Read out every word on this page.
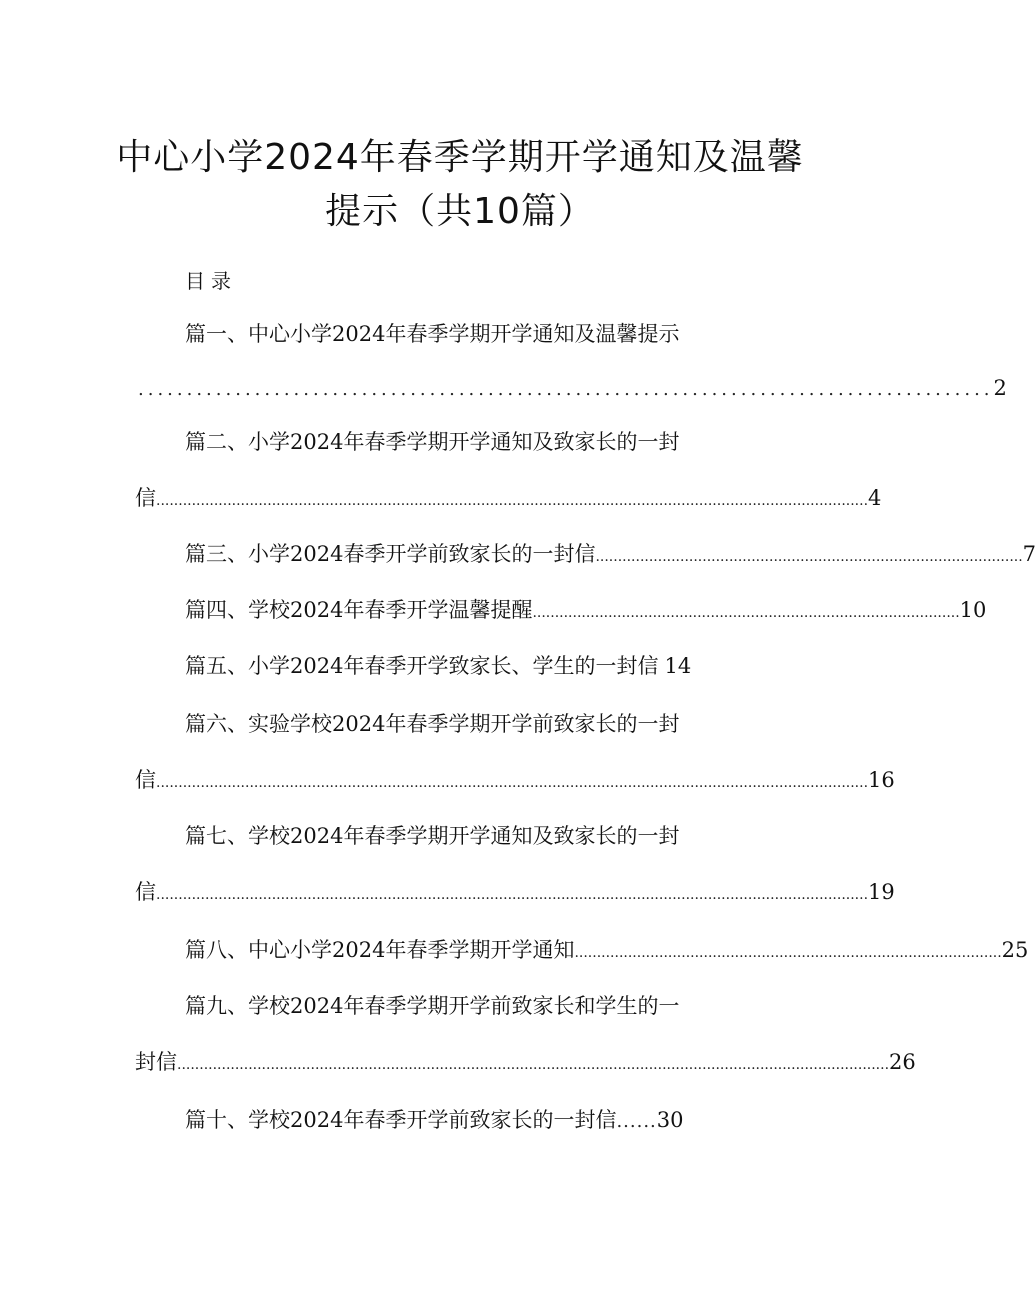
中心小学2024年春季学期开学通知及温馨
提示（共10篇）
目录
篇一、中心小学2024年春季学期开学通知及温馨提示
........................................................................................ 2
篇二、小学2024年春季学期开学通知及致家长的一封
信 ................................................................................................................................................................ 4
篇三、小学2024春季开学前致家长的一封信 ................................................................................................ 7
篇四、学校2024年春季开学温馨提醒 ................................................................................................ 10
篇五、小学2024年春季开学致家长、学生的一封信 14
篇六、实验学校2024年春季学期开学前致家长的一封
信 ................................................................................................................................................................ 16
篇七、学校2024年春季学期开学通知及致家长的一封
信 ................................................................................................................................................................ 19
篇八、中心小学2024年春季学期开学通知 ................................................................................................ 25
篇九、学校2024年春季学期开学前致家长和学生的一
封信 ................................................................................................................................................................ 26
篇十、学校2024年春季开学前致家长的一封信 ...... 30
